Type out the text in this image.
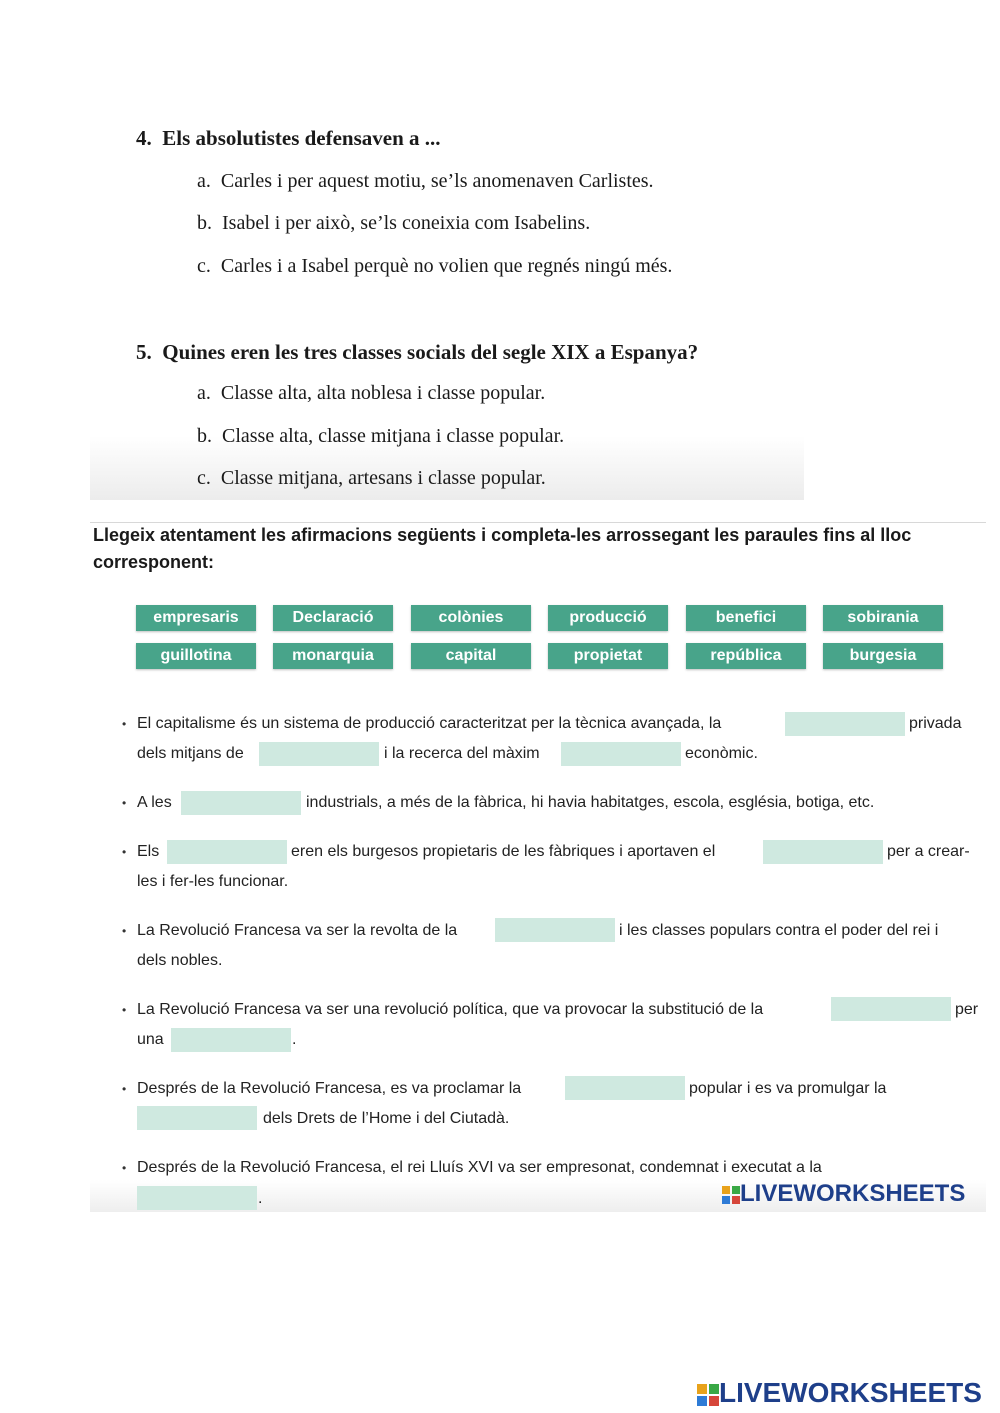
4. Els absolutistes defensaven a ...
a. Carles i per aquest motiu, se’ls anomenaven Carlistes.
b. Isabel i per això, se’ls coneixia com Isabelins.
c. Carles i a Isabel perquè no volien que regnés ningú més.
5. Quines eren les tres classes socials del segle XIX a Espanya?
a. Classe alta, alta noblesa i classe popular.
b. Classe alta, classe mitjana i classe popular.
c. Classe mitjana, artesans i classe popular.
Llegeix atentament les afirmacions següents i completa-les arrossegant les paraules fins al lloc corresponent:
empresaris	Declaració	colònies	producció	benefici	sobirania
guillotina	monarquia	capital	propietat	república	burgesia
• El capitalisme és un sistema de producció caracteritzat per la tècnica avançada, la	privada
dels mitjans de	i la recerca del màxim	econòmic.
• A les	industrials, a més de la fàbrica, hi havia habitatges, escola, església, botiga, etc.
• Els	eren els burgesos propietaris de les fàbriques i aportaven el	per a crear-
les i fer-les funcionar.
• La Revolució Francesa va ser la revolta de la	i les classes populars contra el poder del rei i
dels nobles.
• La Revolució Francesa va ser una revolució política, que va provocar la substitució de la	per
una	.
• Després de la Revolució Francesa, es va proclamar la	popular i es va promulgar la
dels Drets de l’Home i del Ciutadà.
• Després de la Revolució Francesa, el rei Lluís XVI va ser empresonat, condemnat i executat a la
.	LIVEWORKSHEETS
LIVEWORKSHEETS
